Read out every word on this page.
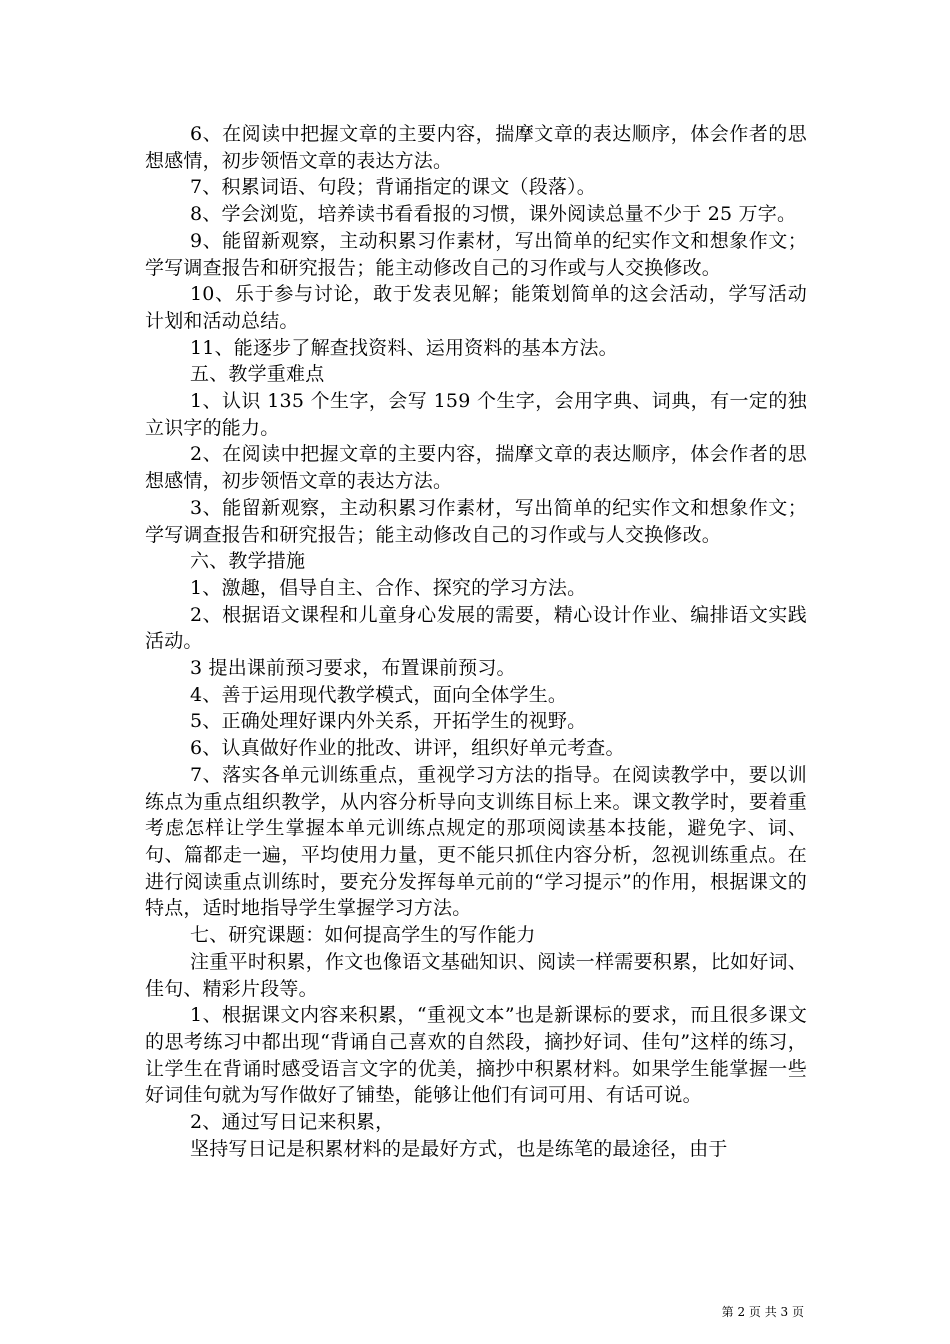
6、在阅读中把握文章的主要内容，揣摩文章的表达顺序，体会作者的思想感情，初步领悟文章的表达方法。

7、积累词语、句段；背诵指定的课文（段落）。

8、学会浏览，培养读书看看报的习惯，课外阅读总量不少于 25 万字。

9、能留新观察，主动积累习作素材，写出简单的纪实作文和想象作文；学写调查报告和研究报告；能主动修改自己的习作或与人交换修改。

10、乐于参与讨论，敢于发表见解；能策划简单的这会活动，学写活动计划和活动总结。

11、能逐步了解查找资料、运用资料的基本方法。

五、教学重难点

1、认识 135 个生字，会写 159 个生字，会用字典、词典，有一定的独立识字的能力。

2、在阅读中把握文章的主要内容，揣摩文章的表达顺序，体会作者的思想感情，初步领悟文章的表达方法。

3、能留新观察，主动积累习作素材，写出简单的纪实作文和想象作文；学写调查报告和研究报告；能主动修改自己的习作或与人交换修改。

六、教学措施

1、激趣，倡导自主、合作、探究的学习方法。

2、根据语文课程和儿童身心发展的需要，精心设计作业、编排语文实践活动。

3 提出课前预习要求，布置课前预习。

4、善于运用现代教学模式，面向全体学生。

5、正确处理好课内外关系，开拓学生的视野。

6、认真做好作业的批改、讲评，组织好单元考查。

7、落实各单元训练重点，重视学习方法的指导。在阅读教学中，要以训练点为重点组织教学，从内容分析导向支训练目标上来。课文教学时，要着重考虑怎样让学生掌握本单元训练点规定的那项阅读基本技能，避免字、词、句、篇都走一遍，平均使用力量，更不能只抓住内容分析，忽视训练重点。在进行阅读重点训练时，要充分发挥每单元前的“学习提示”的作用，根据课文的特点，适时地指导学生掌握学习方法。

七、研究课题：如何提高学生的写作能力

注重平时积累，作文也像语文基础知识、阅读一样需要积累，比如好词、佳句、精彩片段等。

1、根据课文内容来积累，“重视文本”也是新课标的要求，而且很多课文的思考练习中都出现“背诵自己喜欢的自然段，摘抄好词、佳句”这样的练习，让学生在背诵时感受语言文字的优美，摘抄中积累材料。如果学生能掌握一些好词佳句就为写作做好了铺垫，能够让他们有词可用、有话可说。

2、通过写日记来积累，

坚持写日记是积累材料的是最好方式，也是练笔的最途径，由于

第 2 页 共 3 页
